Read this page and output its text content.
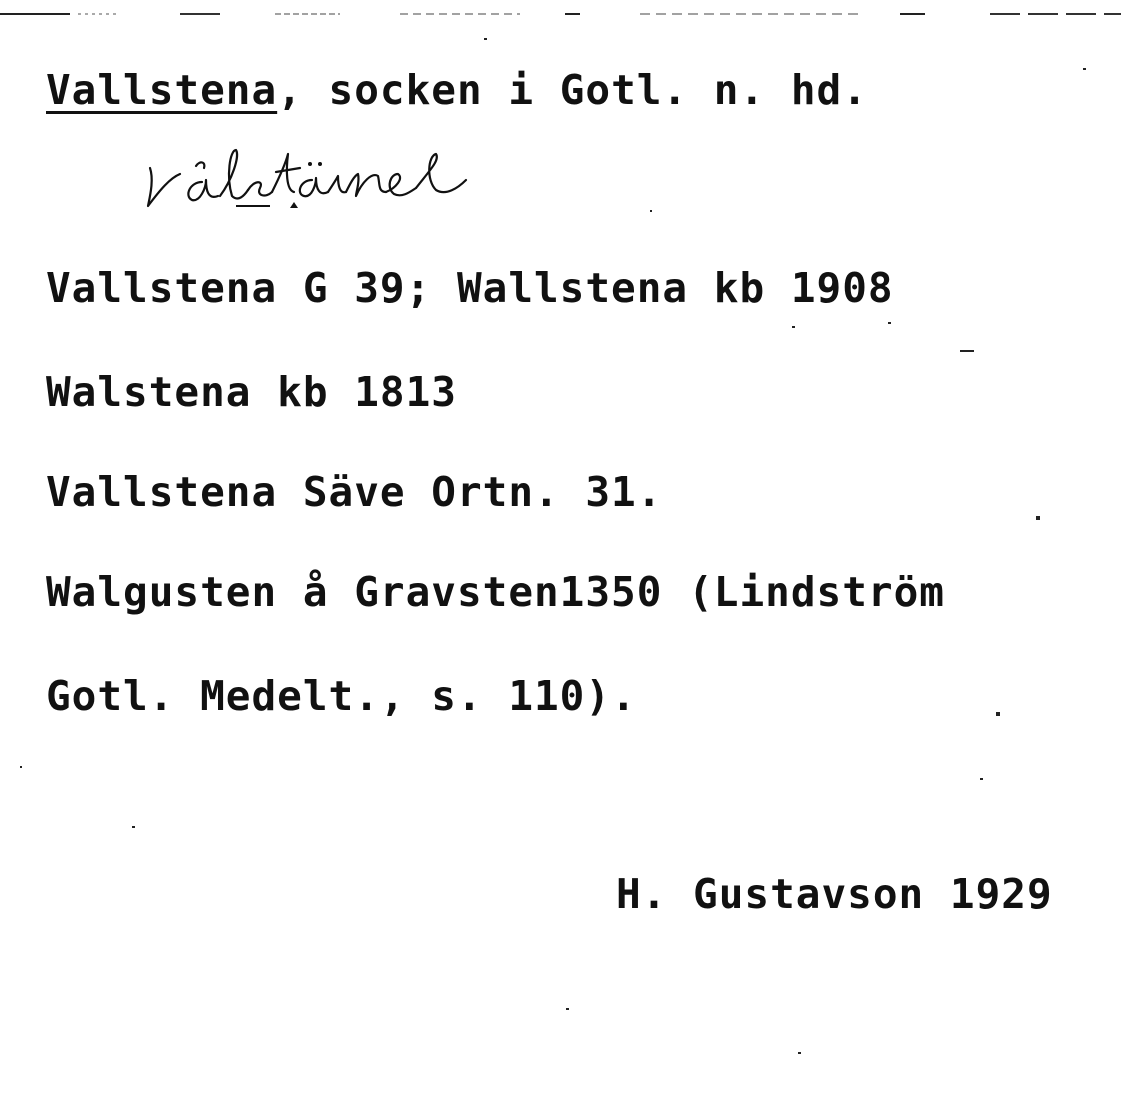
Vallstena, socken i Gotl. n. hd.
Vallstena G 39; Wallstena kb 1908
Walstena kb 1813
Vallstena Säve Ortn. 31.
Walgusten å Gravsten1350 (Lindström
Gotl. Medelt., s. 110).
H. Gustavson 1929
